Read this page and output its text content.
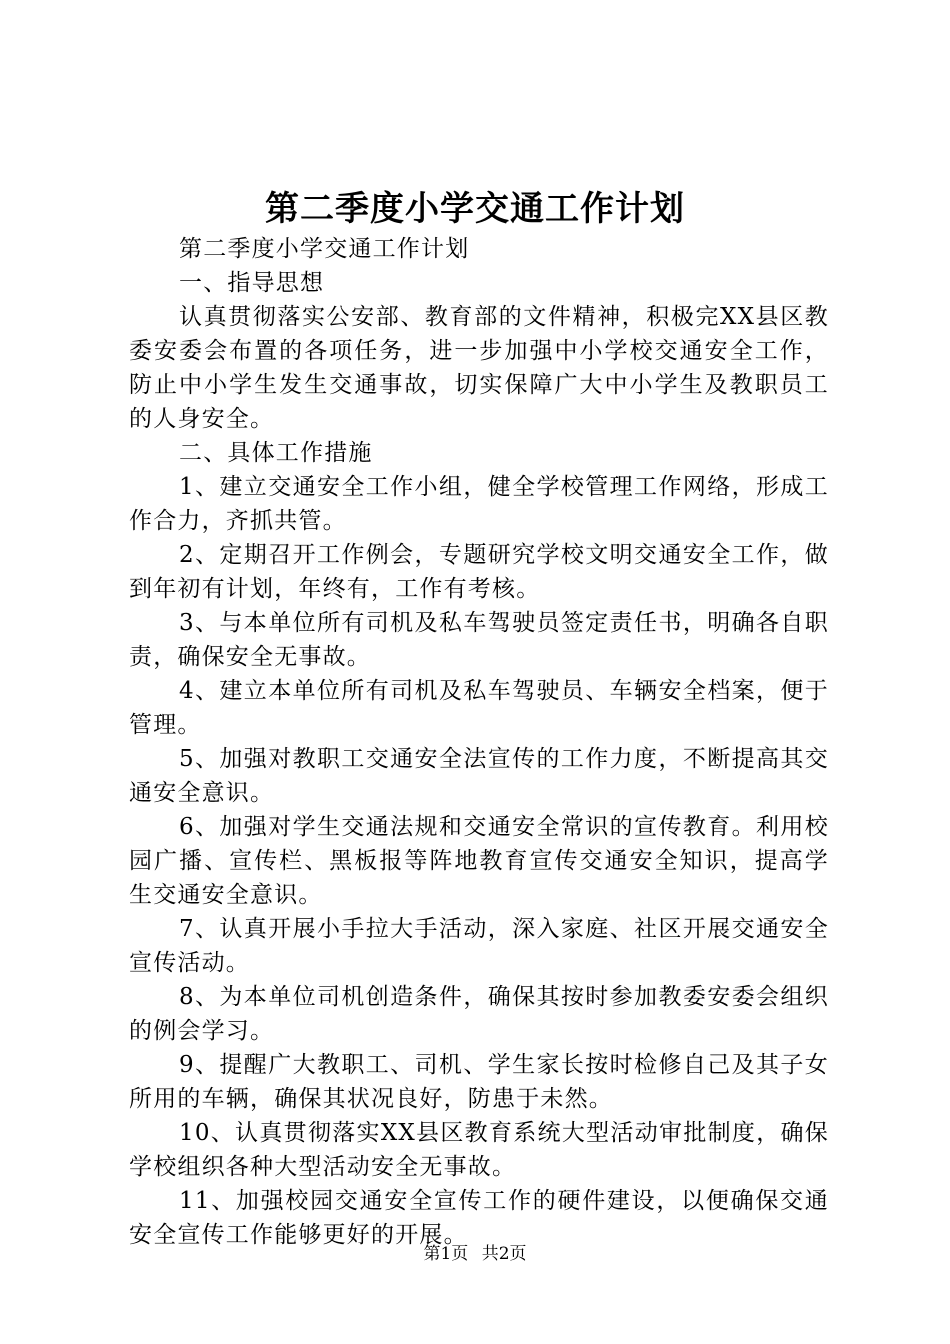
第二季度小学交通工作计划

第二季度小学交通工作计划

一、指导思想

认真贯彻落实公安部、教育部的文件精神，积极完XX县区教委安委会布置的各项任务，进一步加强中小学校交通安全工作，防止中小学生发生交通事故，切实保障广大中小学生及教职员工的人身安全。

二、具体工作措施

1、建立交通安全工作小组，健全学校管理工作网络，形成工作合力，齐抓共管。

2、定期召开工作例会，专题研究学校文明交通安全工作，做到年初有计划，年终有，工作有考核。

3、与本单位所有司机及私车驾驶员签定责任书，明确各自职责，确保安全无事故。

4、建立本单位所有司机及私车驾驶员、车辆安全档案，便于管理。

5、加强对教职工交通安全法宣传的工作力度，不断提高其交通安全意识。

6、加强对学生交通法规和交通安全常识的宣传教育。利用校园广播、宣传栏、黑板报等阵地教育宣传交通安全知识，提高学生交通安全意识。

7、认真开展小手拉大手活动，深入家庭、社区开展交通安全宣传活动。

8、为本单位司机创造条件，确保其按时参加教委安委会组织的例会学习。

9、提醒广大教职工、司机、学生家长按时检修自己及其子女所用的车辆，确保其状况良好，防患于未然。

10、认真贯彻落实XX县区教育系统大型活动审批制度，确保学校组织各种大型活动安全无事故。

11、加强校园交通安全宣传工作的硬件建设，以便确保交通安全宣传工作能够更好的开展。

第1页 共2页
